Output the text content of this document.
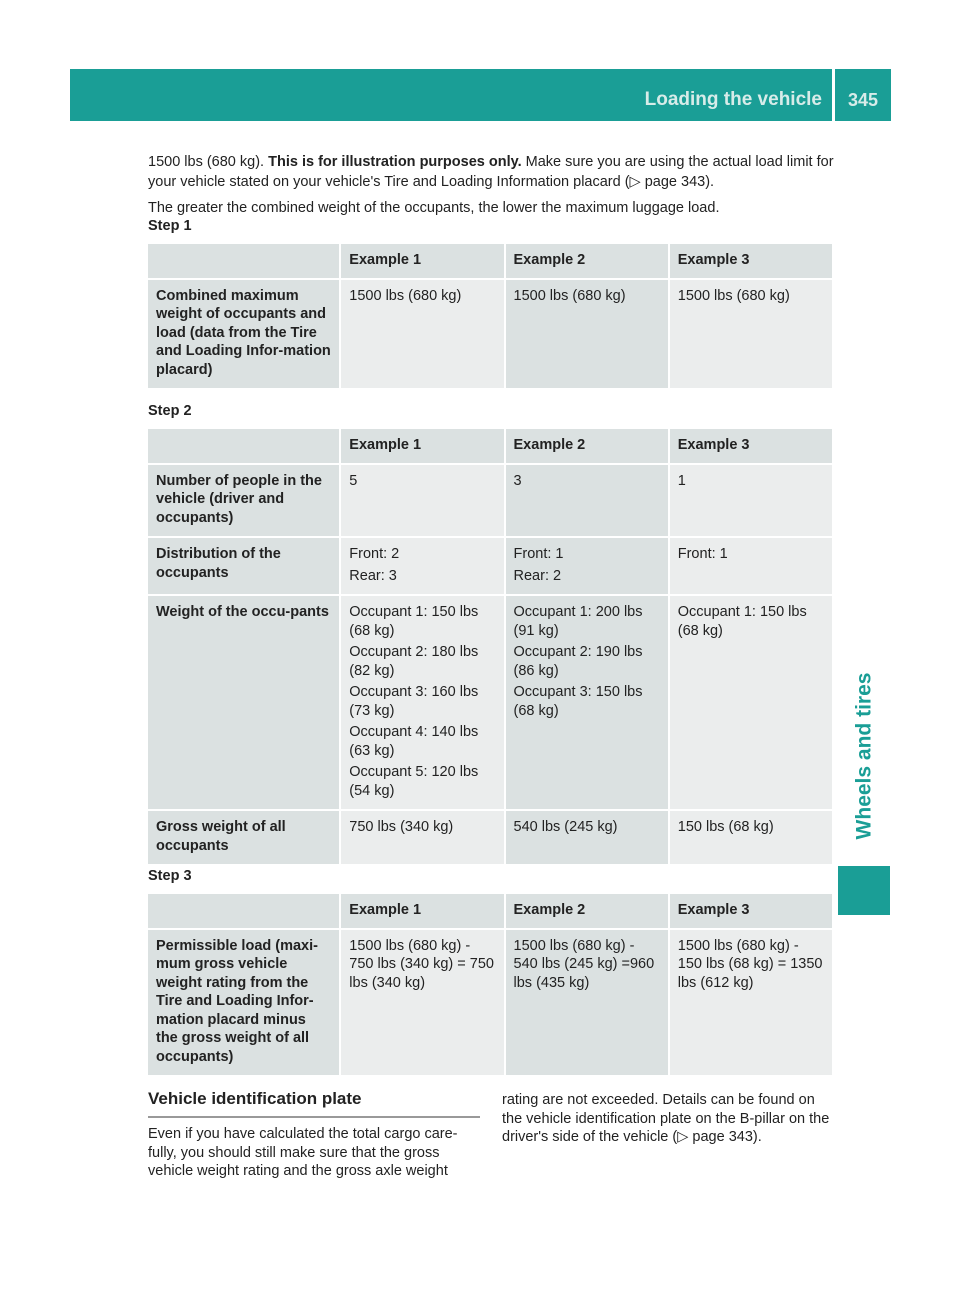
Loading the vehicle	345
Wheels and tires

1500 lbs (680 kg). This is for illustration purposes only. Make sure you are using the actual load limit for your vehicle stated on your vehicle's Tire and Loading Information placard (▷ page 343).

The greater the combined weight of the occupants, the lower the maximum luggage load.

Step 1
	Example 1	Example 2	Example 3
Combined maximum weight of occupants and load (data from the Tire and Loading Infor-mation placard)	1500 lbs (680 kg)	1500 lbs (680 kg)	1500 lbs (680 kg)
Step 2
	Example 1	Example 2	Example 3
Number of people in the vehicle (driver and occupants)	5	3	1

Distribution of the occupants	Front: 2
Rear: 3	Front: 1
Rear: 2	Front: 1

Weight of the occu-pants	Occupant 1: 150 lbs (68 kg)
Occupant 2: 180 lbs (82 kg)
Occupant 3: 160 lbs (73 kg)
Occupant 4: 140 lbs (63 kg)
Occupant 5: 120 lbs (54 kg)	Occupant 1: 200 lbs (91 kg)
Occupant 2: 190 lbs (86 kg)
Occupant 3: 150 lbs (68 kg)	Occupant 1: 150 lbs (68 kg)

Gross weight of all occupants	750 lbs (340 kg)	540 lbs (245 kg)	150 lbs (68 kg)
Step 3
	Example 1	Example 2	Example 3
Permissible load (maxi-mum gross vehicle weight rating from the Tire and Loading Infor-mation placard minus the gross weight of all occupants)	1500 lbs (680 kg) - 750 lbs (340 kg) = 750 lbs (340 kg)	1500 lbs (680 kg) - 540 lbs (245 kg) =960 lbs (435 kg)	1500 lbs (680 kg) - 150 lbs (68 kg) = 1350 lbs (612 kg)
Vehicle identification plate
Even if you have calculated the total cargo care-fully, you should still make sure that the gross vehicle weight rating and the gross axle weight
rating are not exceeded. Details can be found on the vehicle identification plate on the B-pillar on the driver's side of the vehicle (▷ page 343).
